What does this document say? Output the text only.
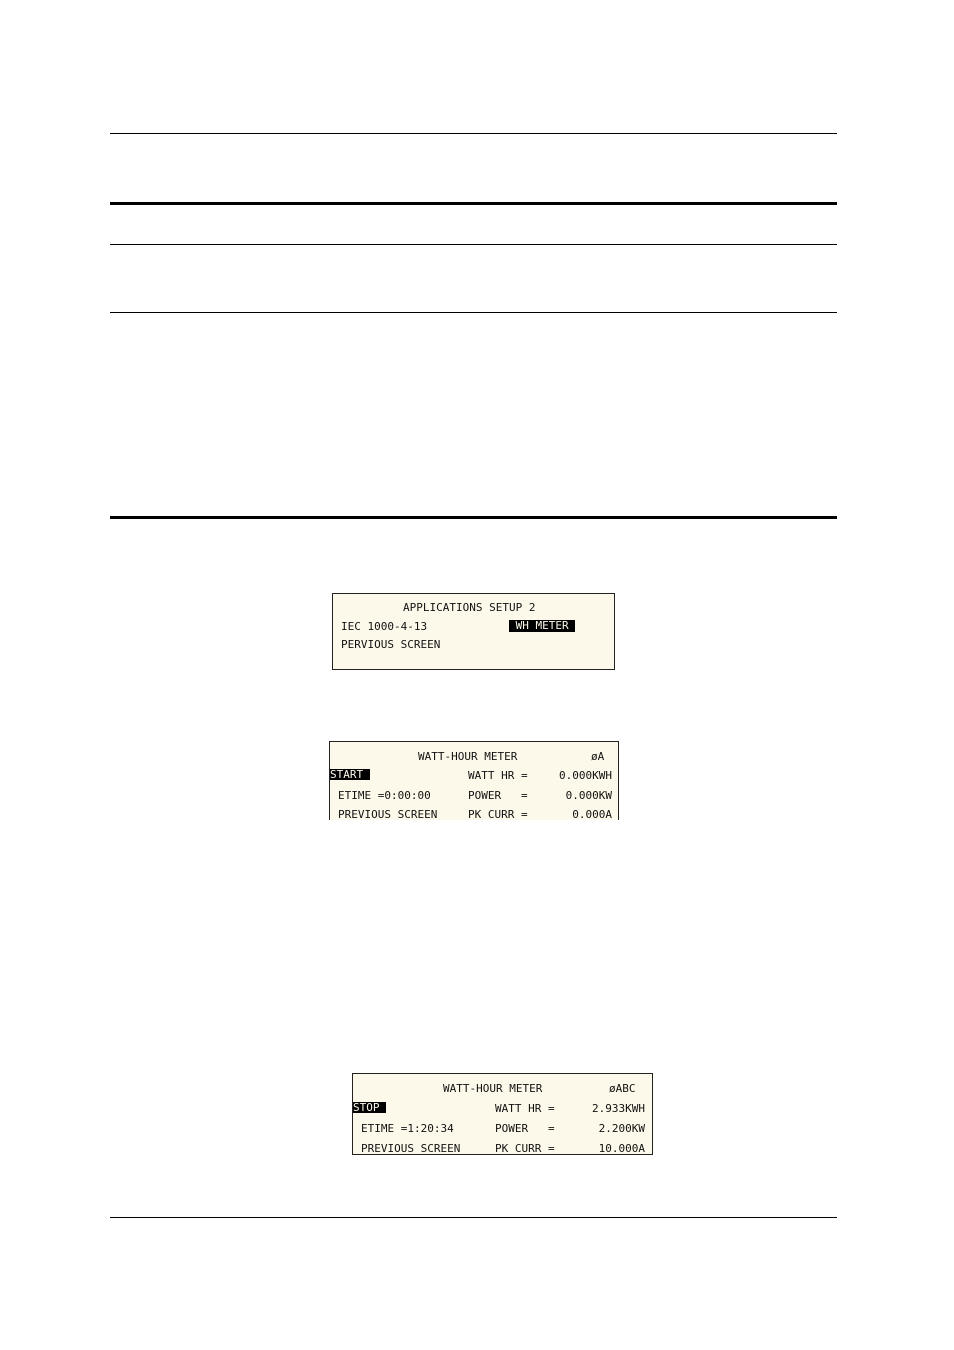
APPLICATIONS SETUP 2
IEC 1000-4-13	WH METER
PERVIOUS SCREEN
WATT-HOUR METER	øA
START	WATT HR =	0.000KWH
ETIME =0:00:00	POWER   =	0.000KW
PREVIOUS SCREEN	PK CURR =	0.000A
WATT-HOUR METER	øABC
STOP	WATT HR =	2.933KWH
ETIME =1:20:34	POWER   =	2.200KW
PREVIOUS SCREEN	PK CURR =	10.000A
